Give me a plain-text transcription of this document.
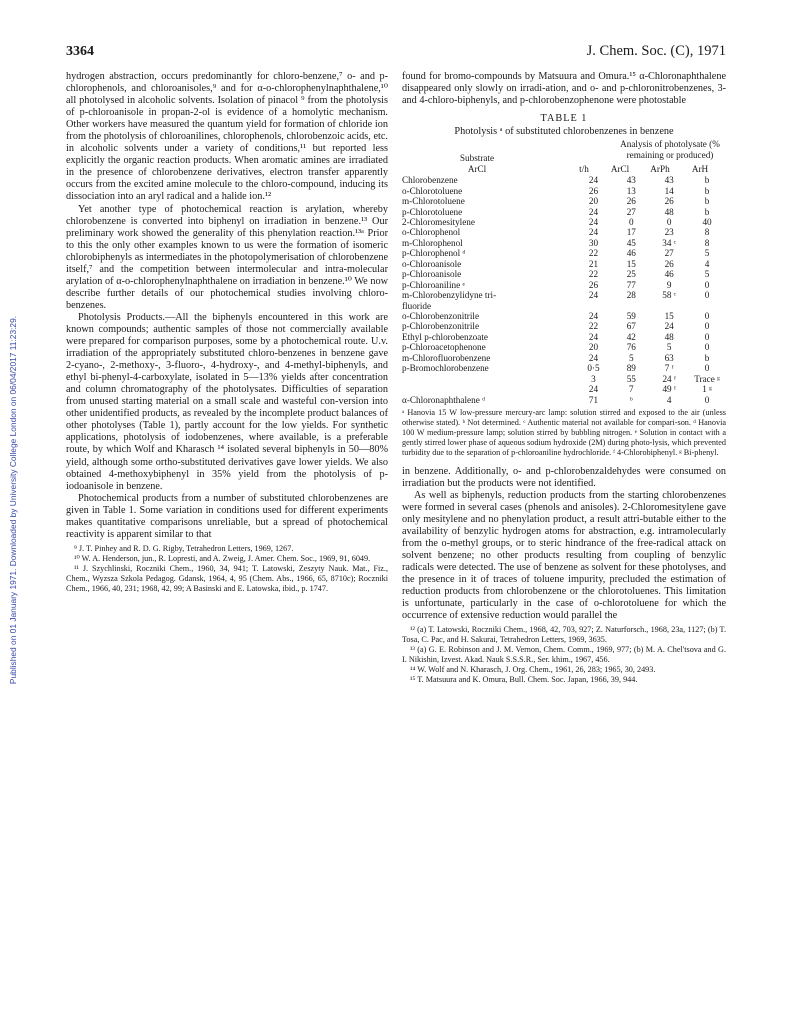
Published on 01 January 1971. Downloaded by University College London on 06/04/2017 11:23:29.
3364	J. Chem. Soc. (C), 1971

hydrogen abstraction, occurs predominantly for chloro-benzene,⁷ o- and p-chlorophenols, and chloroanisoles,⁹ and for α-o-chlorophenylnaphthalene,¹⁰ all photolysed in alcoholic solvents. Isolation of pinacol ⁹ from the photolysis of p-chloroanisole in propan-2-ol is evidence of a homolytic mechanism. Other workers have measured the quantum yield for formation of chloride ion from the photolysis of chloroanilines, chlorophenols, chlorobenzoic acids, etc. in alcoholic solvents under a variety of conditions,¹¹ but reported less explicitly the organic reaction products. When aromatic amines are irradiated in the presence of chlorobenzene derivatives, electron transfer apparently occurs from the excited amine molecule to the chloro-compound, inducing its dissociation into an aryl radical and a halide ion.¹²

Yet another type of photochemical reaction is arylation, whereby chlorobenzene is converted into biphenyl on irradiation in benzene.¹³ Our preliminary work showed the generality of this phenylation reaction.¹³ᵃ Prior to this the only other examples known to us were the formation of isomeric chlorobiphenyls as intermediates in the photopolymerisation of chlorobenzene itself,⁷ and the competition between intermolecular and intra-molecular arylation of α-o-chlorophenylnaphthalene on irradiation in benzene.¹⁰ We now describe further details of our photochemical studies involving chloro-benzenes.

Photolysis Products.—All the biphenyls encountered in this work are known compounds; authentic samples of those not commercially available were prepared for comparison purposes, some by a photochemical route. U.v. irradiation of the appropriately substituted chloro-benzenes in benzene gave 2-cyano-, 2-methoxy-, 3-fluoro-, 4-hydroxy-, and 4-methyl-biphenyls, and ethyl bi-phenyl-4-carboxylate, isolated in 5—13% yields after concentration and column chromatography of the photolysates. Difficulties of separation from unused starting material on a small scale and wasteful con-version into other unidentified products, as revealed by the incomplete product balances of other photolyses (Table 1), partly account for the low yields. For synthetic applications, photolysis of iodobenzenes, where available, is a preferable route, by which Wolf and Kharasch ¹⁴ isolated several biphenyls in 50—80% yield, although some ortho-substituted derivatives gave lower yields. We also obtained 4-methoxybiphenyl in 35% yield from the photolysis of p-iodoanisole in benzene.

Photochemical products from a number of substituted chlorobenzenes are given in Table 1. Some variation in conditions used for different experiments makes quantitative comparisons unreliable, but a spread of photochemical reactivity is apparent similar to that

⁹ J. T. Pinhey and R. D. G. Rigby, Tetrahedron Letters, 1969, 1267.

¹⁰ W. A. Henderson, jun., R. Lopresti, and A. Zweig, J. Amer. Chem. Soc., 1969, 91, 6049.

¹¹ J. Szychlinski, Roczniki Chem., 1960, 34, 941; T. Latowski, Zeszyty Nauk. Mat., Fiz., Chem., Wyzsza Szkola Pedagog. Gdansk, 1964, 4, 95 (Chem. Abs., 1966, 65, 8710c); Roczniki Chem., 1966, 40, 231; 1968, 42, 99; A Basinski and E. Latowska, ibid., p. 1747.

found for bromo-compounds by Matsuura and Omura.¹⁵ α-Chloronaphthalene disappeared only slowly on irradi-ation, and o- and p-chloronitrobenzenes, 3- and 4-chloro-biphenyls, and p-chlorobenzophenone were photostable

TABLE 1
Photolysis ᵃ of substituted chlorobenzenes in benzene
Analysis of photolysate (% remaining or produced)
Substrate
ArCl	t/h	ArCl	ArPh	ArH
Chlorobenzene	24	43	43	b
o-Chlorotoluene	26	13	14	b
m-Chlorotoluene	20	26	26	b
p-Chlorotoluene	24	27	48	b
2-Chloromesitylene	24	0	0	40
o-Chlorophenol	24	17	23	8
m-Chlorophenol	30	45	34 ᶜ	8
p-Chlorophenol ᵈ	22	46	27	5
o-Chloroanisole	21	15	26	4
p-Chloroanisole	22	25	46	5
p-Chloroaniline ᵉ	26	77	9	0
m-Chlorobenzylidyne tri-	24	28	58 ᶜ	0
fluoride				
o-Chlorobenzonitrile	24	59	15	0
p-Chlorobenzonitrile	22	67	24	0
Ethyl p-chlorobenzoate	24	42	48	0
p-Chloroacetophenone	20	76	5	0
m-Chlorofluorobenzene	24	5	63	b
p-Bromochlorobenzene	0·5	89	7 ᶠ	0
	3	55	24 ᶠ	Trace ᵍ
	24	7	49 ᶠ	1 ᵍ
α-Chloronaphthalene ᵈ	71	ᵇ	4	0
ᵃ Hanovia 15 W low-pressure mercury-arc lamp: solution stirred and exposed to the air (unless otherwise stated). ᵇ Not determined. ᶜ Authentic material not available for compari-son. ᵈ Hanovia 100 W medium-pressure lamp; solution stirred by bubbling nitrogen. ᵉ Solution in contact with a gently stirred lower phase of aqueous sodium hydroxide (2M) during photo-lysis, which prevented turbidity due to the separation of p-chloroaniline hydrochloride. ᶠ 4-Chlorobiphenyl. ᵍ Bi-phenyl.

in benzene. Additionally, o- and p-chlorobenzaldehydes were consumed on irradiation but the products were not identified.

As well as biphenyls, reduction products from the starting chlorobenzenes were formed in several cases (phenols and anisoles). 2-Chloromesitylene gave only mesitylene and no phenylation product, a result attri-butable either to the availability of benzylic hydrogen atoms for abstraction, e.g. intramolecularly from the o-methyl groups, or to steric hindrance of the free-radical attack on solvent benzene; no other products resulting from coupling of benzylic radicals were detected. The use of benzene as solvent for these photolyses, and the presence in it of traces of toluene impurity, precluded the estimation of reduction products from chlorobenzene or the chlorotoluenes. This limitation is unfortunate, particularly in the case of o-chlorotoluene for which the occurrence of extensive reduction would parallel the

¹² (a) T. Latowski, Roczniki Chem., 1968, 42, 703, 927; Z. Naturforsch., 1968, 23a, 1127; (b) T. Tosa, C. Pac, and H. Sakurai, Tetrahedron Letters, 1969, 3635.

¹³ (a) G. E. Robinson and J. M. Vernon, Chem. Comm., 1969, 977; (b) M. A. Chel'tsova and G. I. Nikishin, Izvest. Akad. Nauk S.S.S.R., Ser. khim., 1967, 456.

¹⁴ W. Wolf and N. Kharasch, J. Org. Chem., 1961, 26, 283; 1965, 30, 2493.

¹⁵ T. Matsuura and K. Omura, Bull. Chem. Soc. Japan, 1966, 39, 944.
